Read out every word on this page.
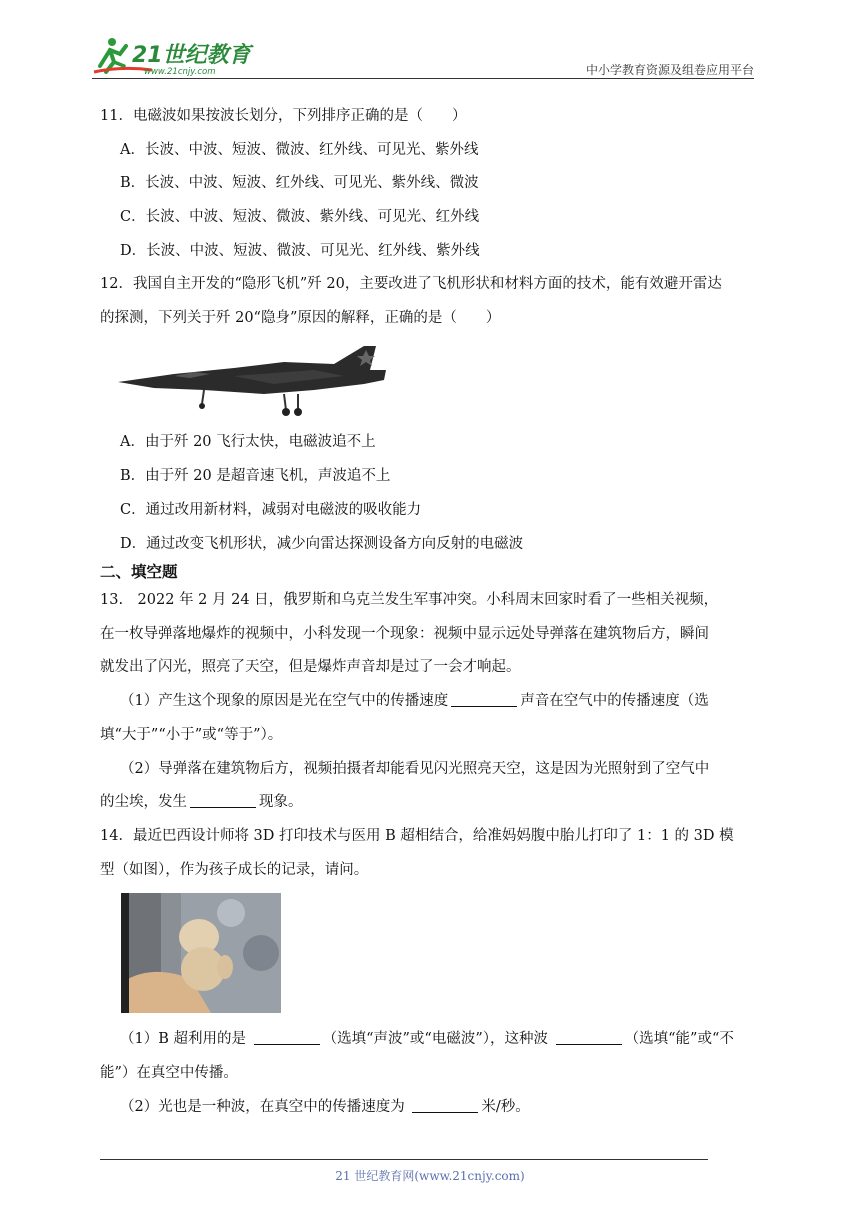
21世纪教育
www.21cnjy.com	中小学教育资源及组卷应用平台
11．电磁波如果按波长划分，下列排序正确的是（　　）
A．长波、中波、短波、微波、红外线、可见光、紫外线
B．长波、中波、短波、红外线、可见光、紫外线、微波
C．长波、中波、短波、微波、紫外线、可见光、红外线
D．长波、中波、短波、微波、可见光、红外线、紫外线
12．我国自主开发的“隐形飞机”歼 20，主要改进了飞机形状和材料方面的技术，能有效避开雷达
的探测，下列关于歼 20“隐身”原因的解释，正确的是（　　）
A．由于歼 20 飞行太快，电磁波追不上
B．由于歼 20 是超音速飞机，声波追不上
C．通过改用新材料，减弱对电磁波的吸收能力
D．通过改变飞机形状，减少向雷达探测设备方向反射的电磁波
二、填空题
13.　2022 年 2 月 24 日，俄罗斯和乌克兰发生军事冲突。小科周末回家时看了一些相关视频，
在一枚导弹落地爆炸的视频中，小科发现一个现象：视频中显示远处导弹落在建筑物后方，瞬间
就发出了闪光，照亮了天空，但是爆炸声音却是过了一会才响起。
（1）产生这个现象的原因是光在空气中的传播速度	声音在空气中的传播速度（选
填“大于”“小于”或“等于”）。
（2）导弹落在建筑物后方，视频拍摄者却能看见闪光照亮天空，这是因为光照射到了空气中
的尘埃，发生	现象。
14．最近巴西设计师将 3D 打印技术与医用 B 超相结合，给准妈妈腹中胎儿打印了 1：1 的 3D 模
型（如图），作为孩子成长的记录，请问。
（1）B 超利用的是	（选填“声波”或“电磁波”），这种波	（选填“能”或“不
能”）在真空中传播。
（2）光也是一种波，在真空中的传播速度为	米/秒。
21 世纪教育网(www.21cnjy.com)
